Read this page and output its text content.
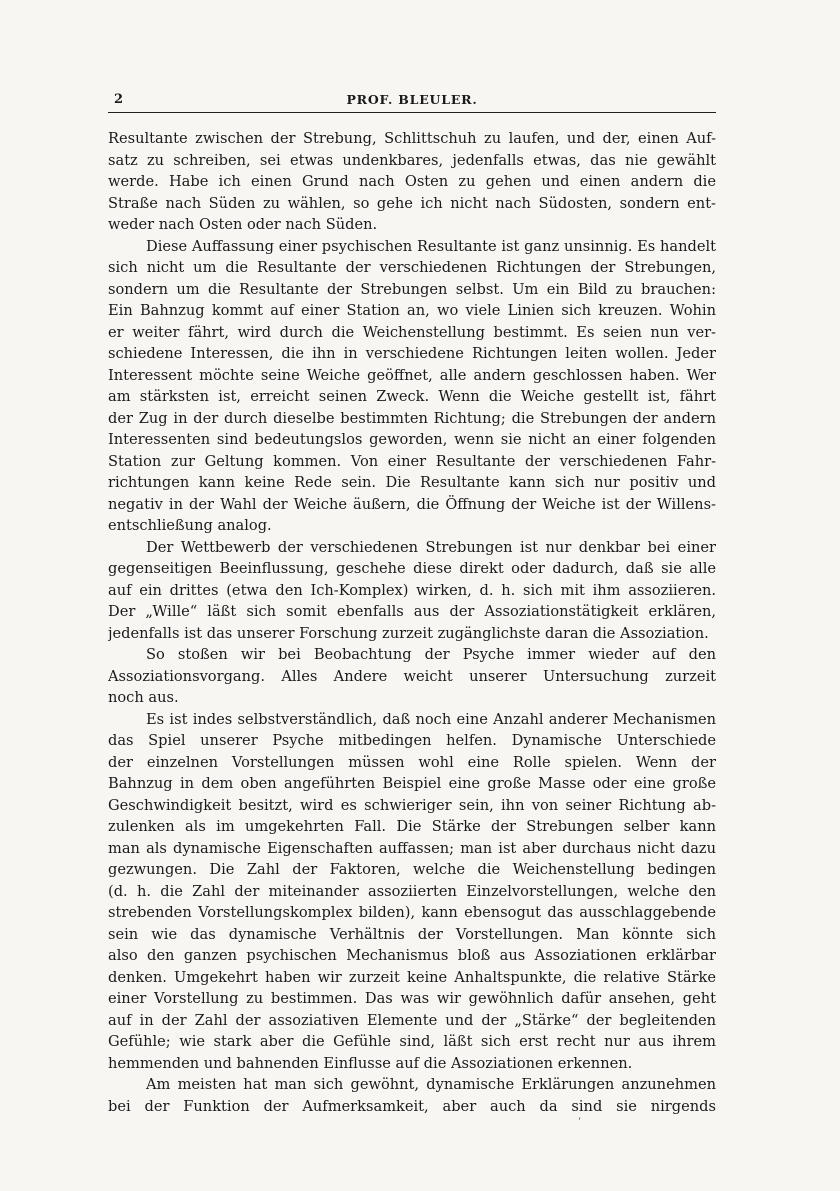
2	PROF. BLEULER.
Resultante zwischen der Strebung, Schlittschuh zu laufen, und der, einen Auf-
satz zu schreiben, sei etwas undenkbares, jedenfalls etwas, das nie gewählt
werde. Habe ich einen Grund nach Osten zu gehen und einen andern die
Straße nach Süden zu wählen, so gehe ich nicht nach Südosten, sondern ent-
weder nach Osten oder nach Süden.
Diese Auffassung einer psychischen Resultante ist ganz unsinnig. Es handelt
sich nicht um die Resultante der verschiedenen Richtungen der Strebungen,
sondern um die Resultante der Strebungen selbst. Um ein Bild zu brauchen:
Ein Bahnzug kommt auf einer Station an, wo viele Linien sich kreuzen. Wohin
er weiter fährt, wird durch die Weichenstellung bestimmt. Es seien nun ver-
schiedene Interessen, die ihn in verschiedene Richtungen leiten wollen. Jeder
Interessent möchte seine Weiche geöffnet, alle andern geschlossen haben. Wer
am stärksten ist, erreicht seinen Zweck. Wenn die Weiche gestellt ist, fährt
der Zug in der durch dieselbe bestimmten Richtung; die Strebungen der andern
Interessenten sind bedeutungslos geworden, wenn sie nicht an einer folgenden
Station zur Geltung kommen. Von einer Resultante der verschiedenen Fahr-
richtungen kann keine Rede sein. Die Resultante kann sich nur positiv und
negativ in der Wahl der Weiche äußern, die Öffnung der Weiche ist der Willens-
entschließung analog.
Der Wettbewerb der verschiedenen Strebungen ist nur denkbar bei einer
gegenseitigen Beeinflussung, geschehe diese direkt oder dadurch, daß sie alle
auf ein drittes (etwa den Ich-Komplex) wirken, d. h. sich mit ihm assoziieren.
Der „Wille“ läßt sich somit ebenfalls aus der Assoziationstätigkeit erklären,
jedenfalls ist das unserer Forschung zurzeit zugänglichste daran die Assoziation.
So stoßen wir bei Beobachtung der Psyche immer wieder auf den
Assoziationsvorgang. Alles Andere weicht unserer Untersuchung zurzeit
noch aus.
Es ist indes selbstverständlich, daß noch eine Anzahl anderer Mechanismen
das Spiel unserer Psyche mitbedingen helfen. Dynamische Unterschiede
der einzelnen Vorstellungen müssen wohl eine Rolle spielen. Wenn der
Bahnzug in dem oben angeführten Beispiel eine große Masse oder eine große
Geschwindigkeit besitzt, wird es schwieriger sein, ihn von seiner Richtung ab-
zulenken als im umgekehrten Fall. Die Stärke der Strebungen selber kann
man als dynamische Eigenschaften auffassen; man ist aber durchaus nicht dazu
gezwungen. Die Zahl der Faktoren, welche die Weichenstellung bedingen
(d. h. die Zahl der miteinander assoziierten Einzelvorstellungen, welche den
strebenden Vorstellungskomplex bilden), kann ebensogut das ausschlaggebende
sein wie das dynamische Verhältnis der Vorstellungen. Man könnte sich
also den ganzen psychischen Mechanismus bloß aus Assoziationen erklärbar
denken. Umgekehrt haben wir zurzeit keine Anhaltspunkte, die relative Stärke
einer Vorstellung zu bestimmen. Das was wir gewöhnlich dafür ansehen, geht
auf in der Zahl der assoziativen Elemente und der „Stärke“ der begleitenden
Gefühle; wie stark aber die Gefühle sind, läßt sich erst recht nur aus ihrem
hemmenden und bahnenden Einflusse auf die Assoziationen erkennen.
Am meisten hat man sich gewöhnt, dynamische Erklärungen anzunehmen
bei der Funktion der Aufmerksamkeit, aber auch da sind sie nirgends
‘
